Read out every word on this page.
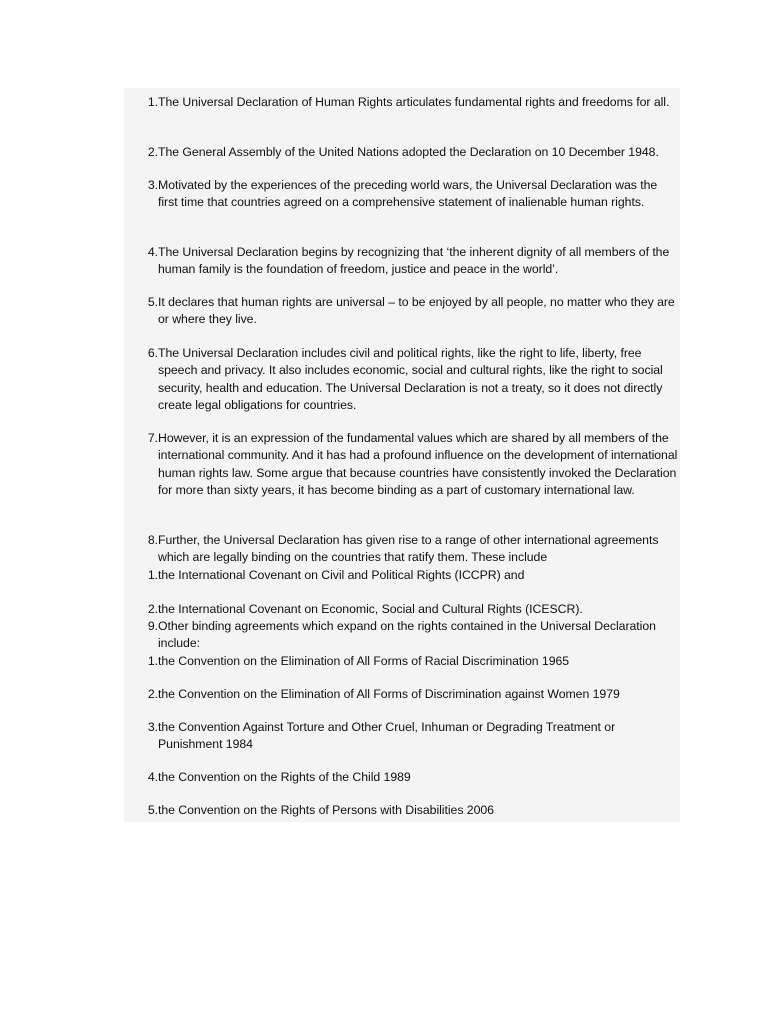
1. The Universal Declaration of Human Rights articulates fundamental rights and freedoms for all.
2. The General Assembly of the United Nations adopted the Declaration on 10 December 1948.
3. Motivated by the experiences of the preceding world wars, the Universal Declaration was the first time that countries agreed on a comprehensive statement of inalienable human rights.
4. The Universal Declaration begins by recognizing that ‘the inherent dignity of all members of the human family is the foundation of freedom, justice and peace in the world’.
5. It declares that human rights are universal – to be enjoyed by all people, no matter who they are or where they live.
6. The Universal Declaration includes civil and political rights, like the right to life, liberty, free speech and privacy. It also includes economic, social and cultural rights, like the right to social security, health and education. The Universal Declaration is not a treaty, so it does not directly create legal obligations for countries.
7. However, it is an expression of the fundamental values which are shared by all members of the international community. And it has had a profound influence on the development of international human rights law. Some argue that because countries have consistently invoked the Declaration for more than sixty years, it has become binding as a part of customary international law.
8. Further, the Universal Declaration has given rise to a range of other international agreements which are legally binding on the countries that ratify them. These include
1. the International Covenant on Civil and Political Rights (ICCPR) and
2. the International Covenant on Economic, Social and Cultural Rights (ICESCR).
9. Other binding agreements which expand on the rights contained in the Universal Declaration include:
1. the Convention on the Elimination of All Forms of Racial Discrimination 1965
2. the Convention on the Elimination of All Forms of Discrimination against Women 1979
3. the Convention Against Torture and Other Cruel, Inhuman or Degrading Treatment or Punishment 1984
4. the Convention on the Rights of the Child 1989
5. the Convention on the Rights of Persons with Disabilities 2006
